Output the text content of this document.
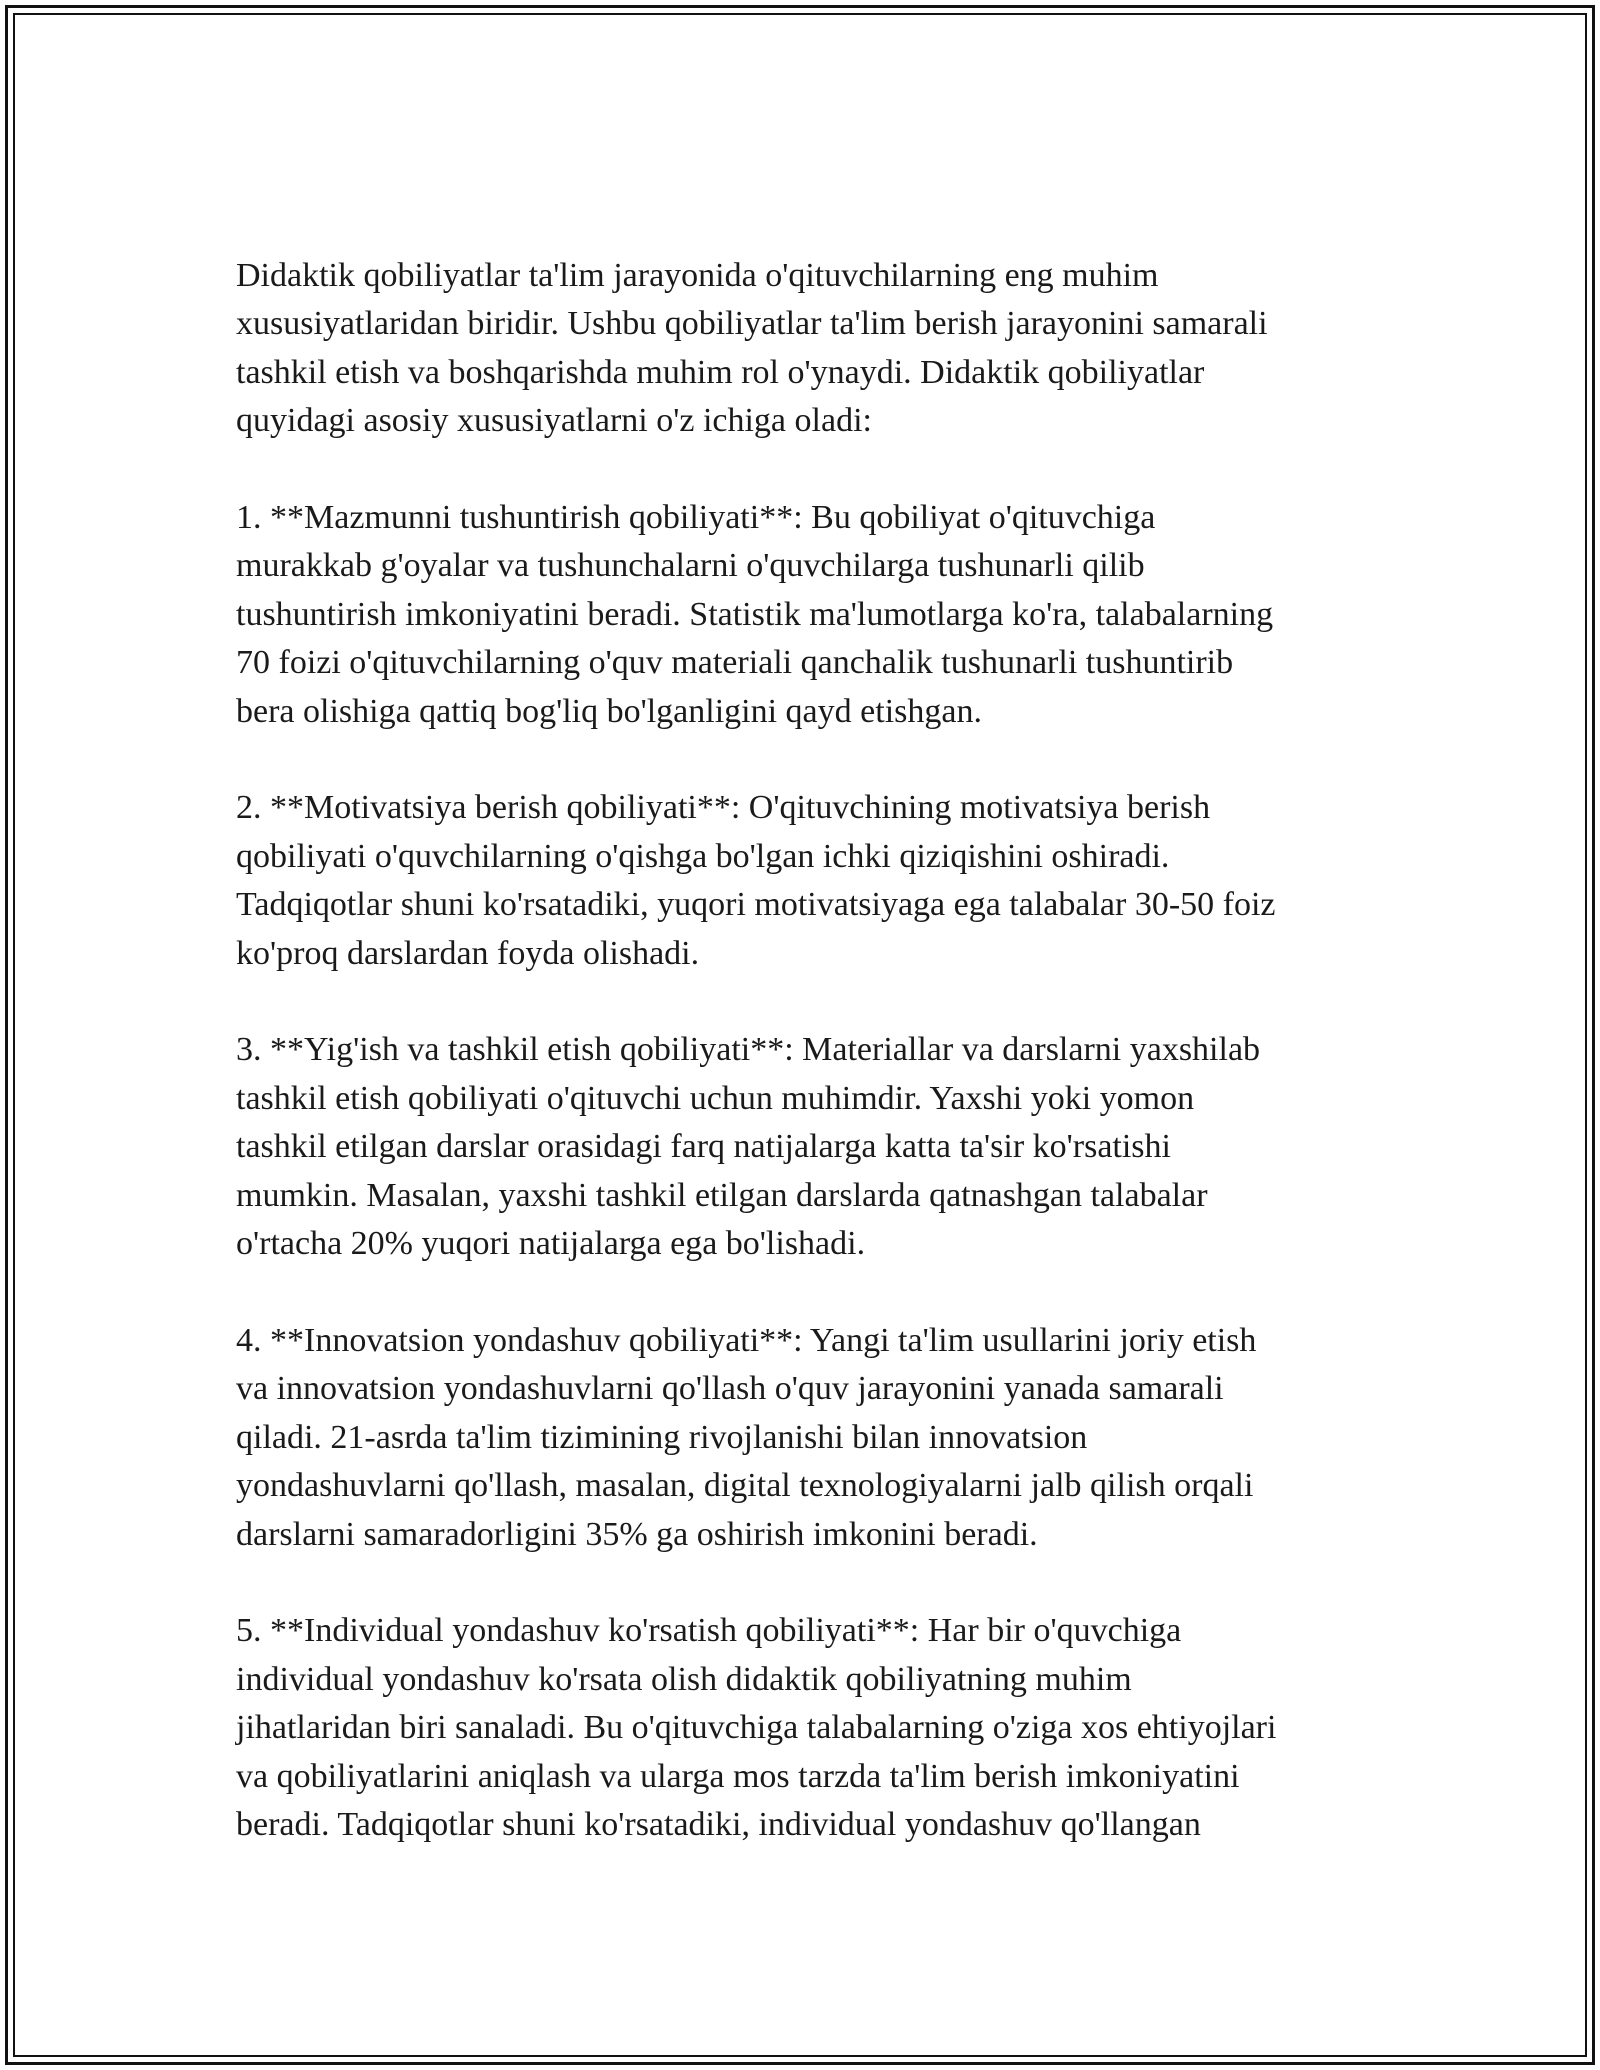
Didaktik qobiliyatlar ta'lim jarayonida o'qituvchilarning eng muhim
xususiyatlaridan biridir. Ushbu qobiliyatlar ta'lim berish jarayonini samarali
tashkil etish va boshqarishda muhim rol o'ynaydi. Didaktik qobiliyatlar
quyidagi asosiy xususiyatlarni o'z ichiga oladi:

1. **Mazmunni tushuntirish qobiliyati**: Bu qobiliyat o'qituvchiga
murakkab g'oyalar va tushunchalarni o'quvchilarga tushunarli qilib
tushuntirish imkoniyatini beradi. Statistik ma'lumotlarga ko'ra, talabalarning
70 foizi o'qituvchilarning o'quv materiali qanchalik tushunarli tushuntirib
bera olishiga qattiq bog'liq bo'lganligini qayd etishgan.

2. **Motivatsiya berish qobiliyati**: O'qituvchining motivatsiya berish
qobiliyati o'quvchilarning o'qishga bo'lgan ichki qiziqishini oshiradi.
Tadqiqotlar shuni ko'rsatadiki, yuqori motivatsiyaga ega talabalar 30-50 foiz
ko'proq darslardan foyda olishadi.

3. **Yig'ish va tashkil etish qobiliyati**: Materiallar va darslarni yaxshilab
tashkil etish qobiliyati o'qituvchi uchun muhimdir. Yaxshi yoki yomon
tashkil etilgan darslar orasidagi farq natijalarga katta ta'sir ko'rsatishi
mumkin. Masalan, yaxshi tashkil etilgan darslarda qatnashgan talabalar
o'rtacha 20% yuqori natijalarga ega bo'lishadi.

4. **Innovatsion yondashuv qobiliyati**: Yangi ta'lim usullarini joriy etish
va innovatsion yondashuvlarni qo'llash o'quv jarayonini yanada samarali
qiladi. 21-asrda ta'lim tizimining rivojlanishi bilan innovatsion
yondashuvlarni qo'llash, masalan, digital texnologiyalarni jalb qilish orqali
darslarni samaradorligini 35% ga oshirish imkonini beradi.

5. **Individual yondashuv ko'rsatish qobiliyati**: Har bir o'quvchiga
individual yondashuv ko'rsata olish didaktik qobiliyatning muhim
jihatlaridan biri sanaladi. Bu o'qituvchiga talabalarning o'ziga xos ehtiyojlari
va qobiliyatlarini aniqlash va ularga mos tarzda ta'lim berish imkoniyatini
beradi. Tadqiqotlar shuni ko'rsatadiki, individual yondashuv qo'llangan
